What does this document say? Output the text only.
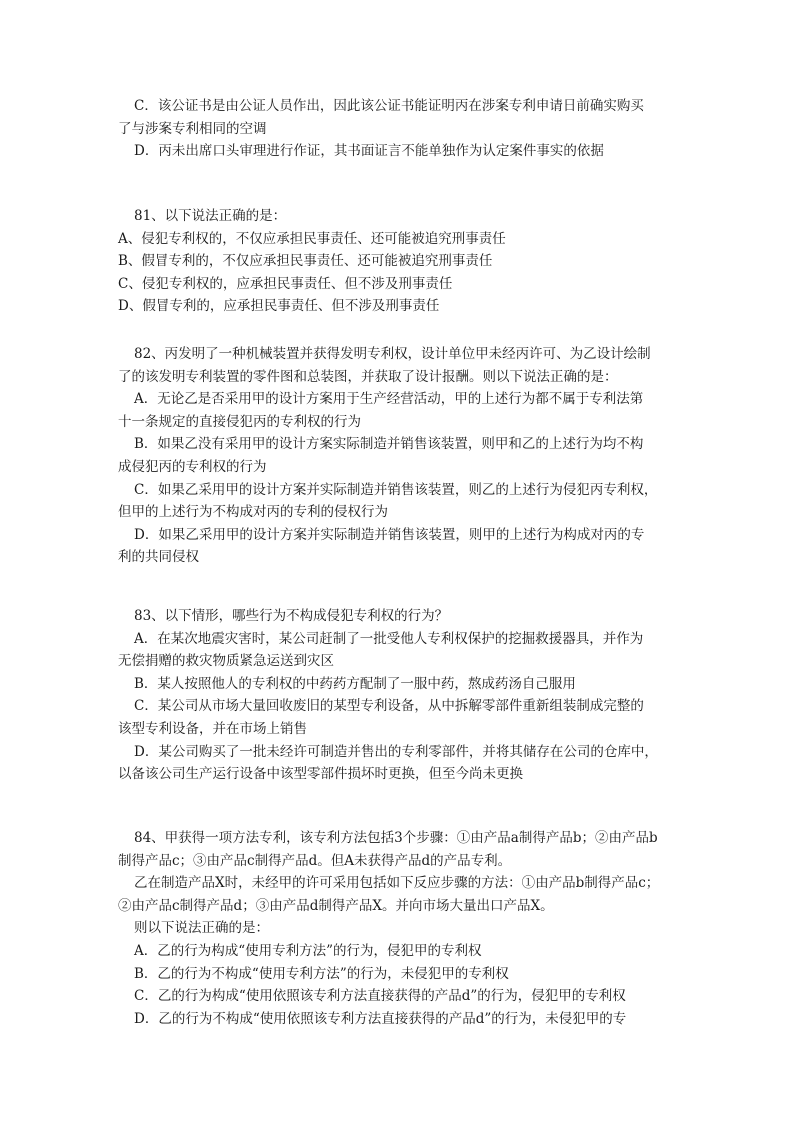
C．该公证书是由公证人员作出，因此该公证书能证明丙在涉案专利申请日前确实购买
了与涉案专利相同的空调
D．丙未出席口头审理进行作证，其书面证言不能单独作为认定案件事实的依据
81、以下说法正确的是：
A、侵犯专利权的，不仅应承担民事责任、还可能被追究刑事责任
B、假冒专利的，不仅应承担民事责任、还可能被追究刑事责任
C、侵犯专利权的，应承担民事责任、但不涉及刑事责任
D、假冒专利的，应承担民事责任、但不涉及刑事责任
82、丙发明了一种机械装置并获得发明专利权，设计单位甲未经丙许可、为乙设计绘制
了的该发明专利装置的零件图和总装图，并获取了设计报酬。则以下说法正确的是：
A．无论乙是否采用甲的设计方案用于生产经营活动，甲的上述行为都不属于专利法第
十一条规定的直接侵犯丙的专利权的行为
B．如果乙没有采用甲的设计方案实际制造并销售该装置，则甲和乙的上述行为均不构
成侵犯丙的专利权的行为
C．如果乙采用甲的设计方案并实际制造并销售该装置，则乙的上述行为侵犯丙专利权，
但甲的上述行为不构成对丙的专利的侵权行为
D．如果乙采用甲的设计方案并实际制造并销售该装置，则甲的上述行为构成对丙的专
利的共同侵权
83、以下情形，哪些行为不构成侵犯专利权的行为？
A．在某次地震灾害时，某公司赶制了一批受他人专利权保护的挖掘救援器具，并作为
无偿捐赠的救灾物质紧急运送到灾区
B．某人按照他人的专利权的中药药方配制了一服中药，熬成药汤自己服用
C．某公司从市场大量回收废旧的某型专利设备，从中拆解零部件重新组装制成完整的
该型专利设备，并在市场上销售
D．某公司购买了一批未经许可制造并售出的专利零部件，并将其储存在公司的仓库中，
以备该公司生产运行设备中该型零部件损坏时更换，但至今尚未更换
84、甲获得一项方法专利，该专利方法包括3个步骤：①由产品a制得产品b；②由产品b
制得产品c；③由产品c制得产品d。但A未获得产品d的产品专利。
乙在制造产品X时，未经甲的许可采用包括如下反应步骤的方法：①由产品b制得产品c；
②由产品c制得产品d；③由产品d制得产品X。并向市场大量出口产品X。
则以下说法正确的是：
A．乙的行为构成“使用专利方法”的行为，侵犯甲的专利权
B．乙的行为不构成“使用专利方法”的行为，未侵犯甲的专利权
C．乙的行为构成“使用依照该专利方法直接获得的产品d”的行为，侵犯甲的专利权
D．乙的行为不构成“使用依照该专利方法直接获得的产品d”的行为，未侵犯甲的专
